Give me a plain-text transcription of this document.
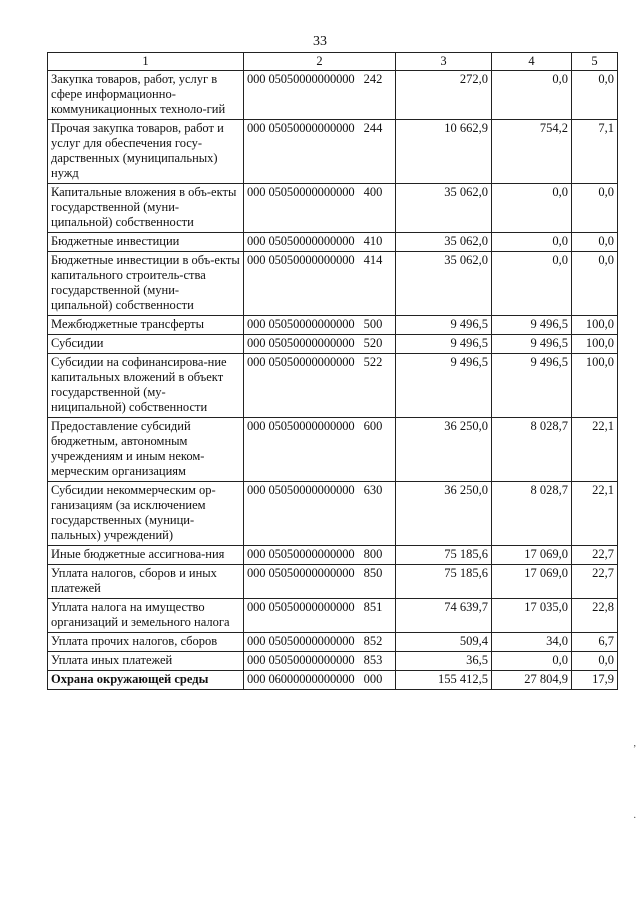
33
1	2	3	4	5
Закупка товаров, работ, услуг в сфере информационно-коммуникационных техноло-гий	000 05050000000000 242	272,0	0,0	0,0
Прочая закупка товаров, работ и услуг для обеспечения госу-дарственных (муниципальных) нужд	000 05050000000000 244	10 662,9	754,2	7,1
Капитальные вложения в объ-екты государственной (муни-ципальной) собственности	000 05050000000000 400	35 062,0	0,0	0,0
Бюджетные инвестиции	000 05050000000000 410	35 062,0	0,0	0,0
Бюджетные инвестиции в объ-екты капитального строитель-ства государственной (муни-ципальной) собственности	000 05050000000000 414	35 062,0	0,0	0,0
Межбюджетные трансферты	000 05050000000000 500	9 496,5	9 496,5	100,0
Субсидии	000 05050000000000 520	9 496,5	9 496,5	100,0
Субсидии на софинансирова-ние капитальных вложений в объект государственной (му-ниципальной) собственности	000 05050000000000 522	9 496,5	9 496,5	100,0
Предоставление субсидий бюджетным, автономным учреждениям и иным неком-мерческим организациям	000 05050000000000 600	36 250,0	8 028,7	22,1
Субсидии некоммерческим ор-ганизациям (за исключением государственных (муници-пальных) учреждений)	000 05050000000000 630	36 250,0	8 028,7	22,1
Иные бюджетные ассигнова-ния	000 05050000000000 800	75 185,6	17 069,0	22,7
Уплата налогов, сборов и иных платежей	000 05050000000000 850	75 185,6	17 069,0	22,7
Уплата налога на имущество организаций и земельного налога	000 05050000000000 851	74 639,7	17 035,0	22,8
Уплата прочих налогов, сборов	000 05050000000000 852	509,4	34,0	6,7
Уплата иных платежей	000 05050000000000 853	36,5	0,0	0,0
Охрана окружающей среды	000 06000000000000 000	155 412,5	27 804,9	17,9
,
.
